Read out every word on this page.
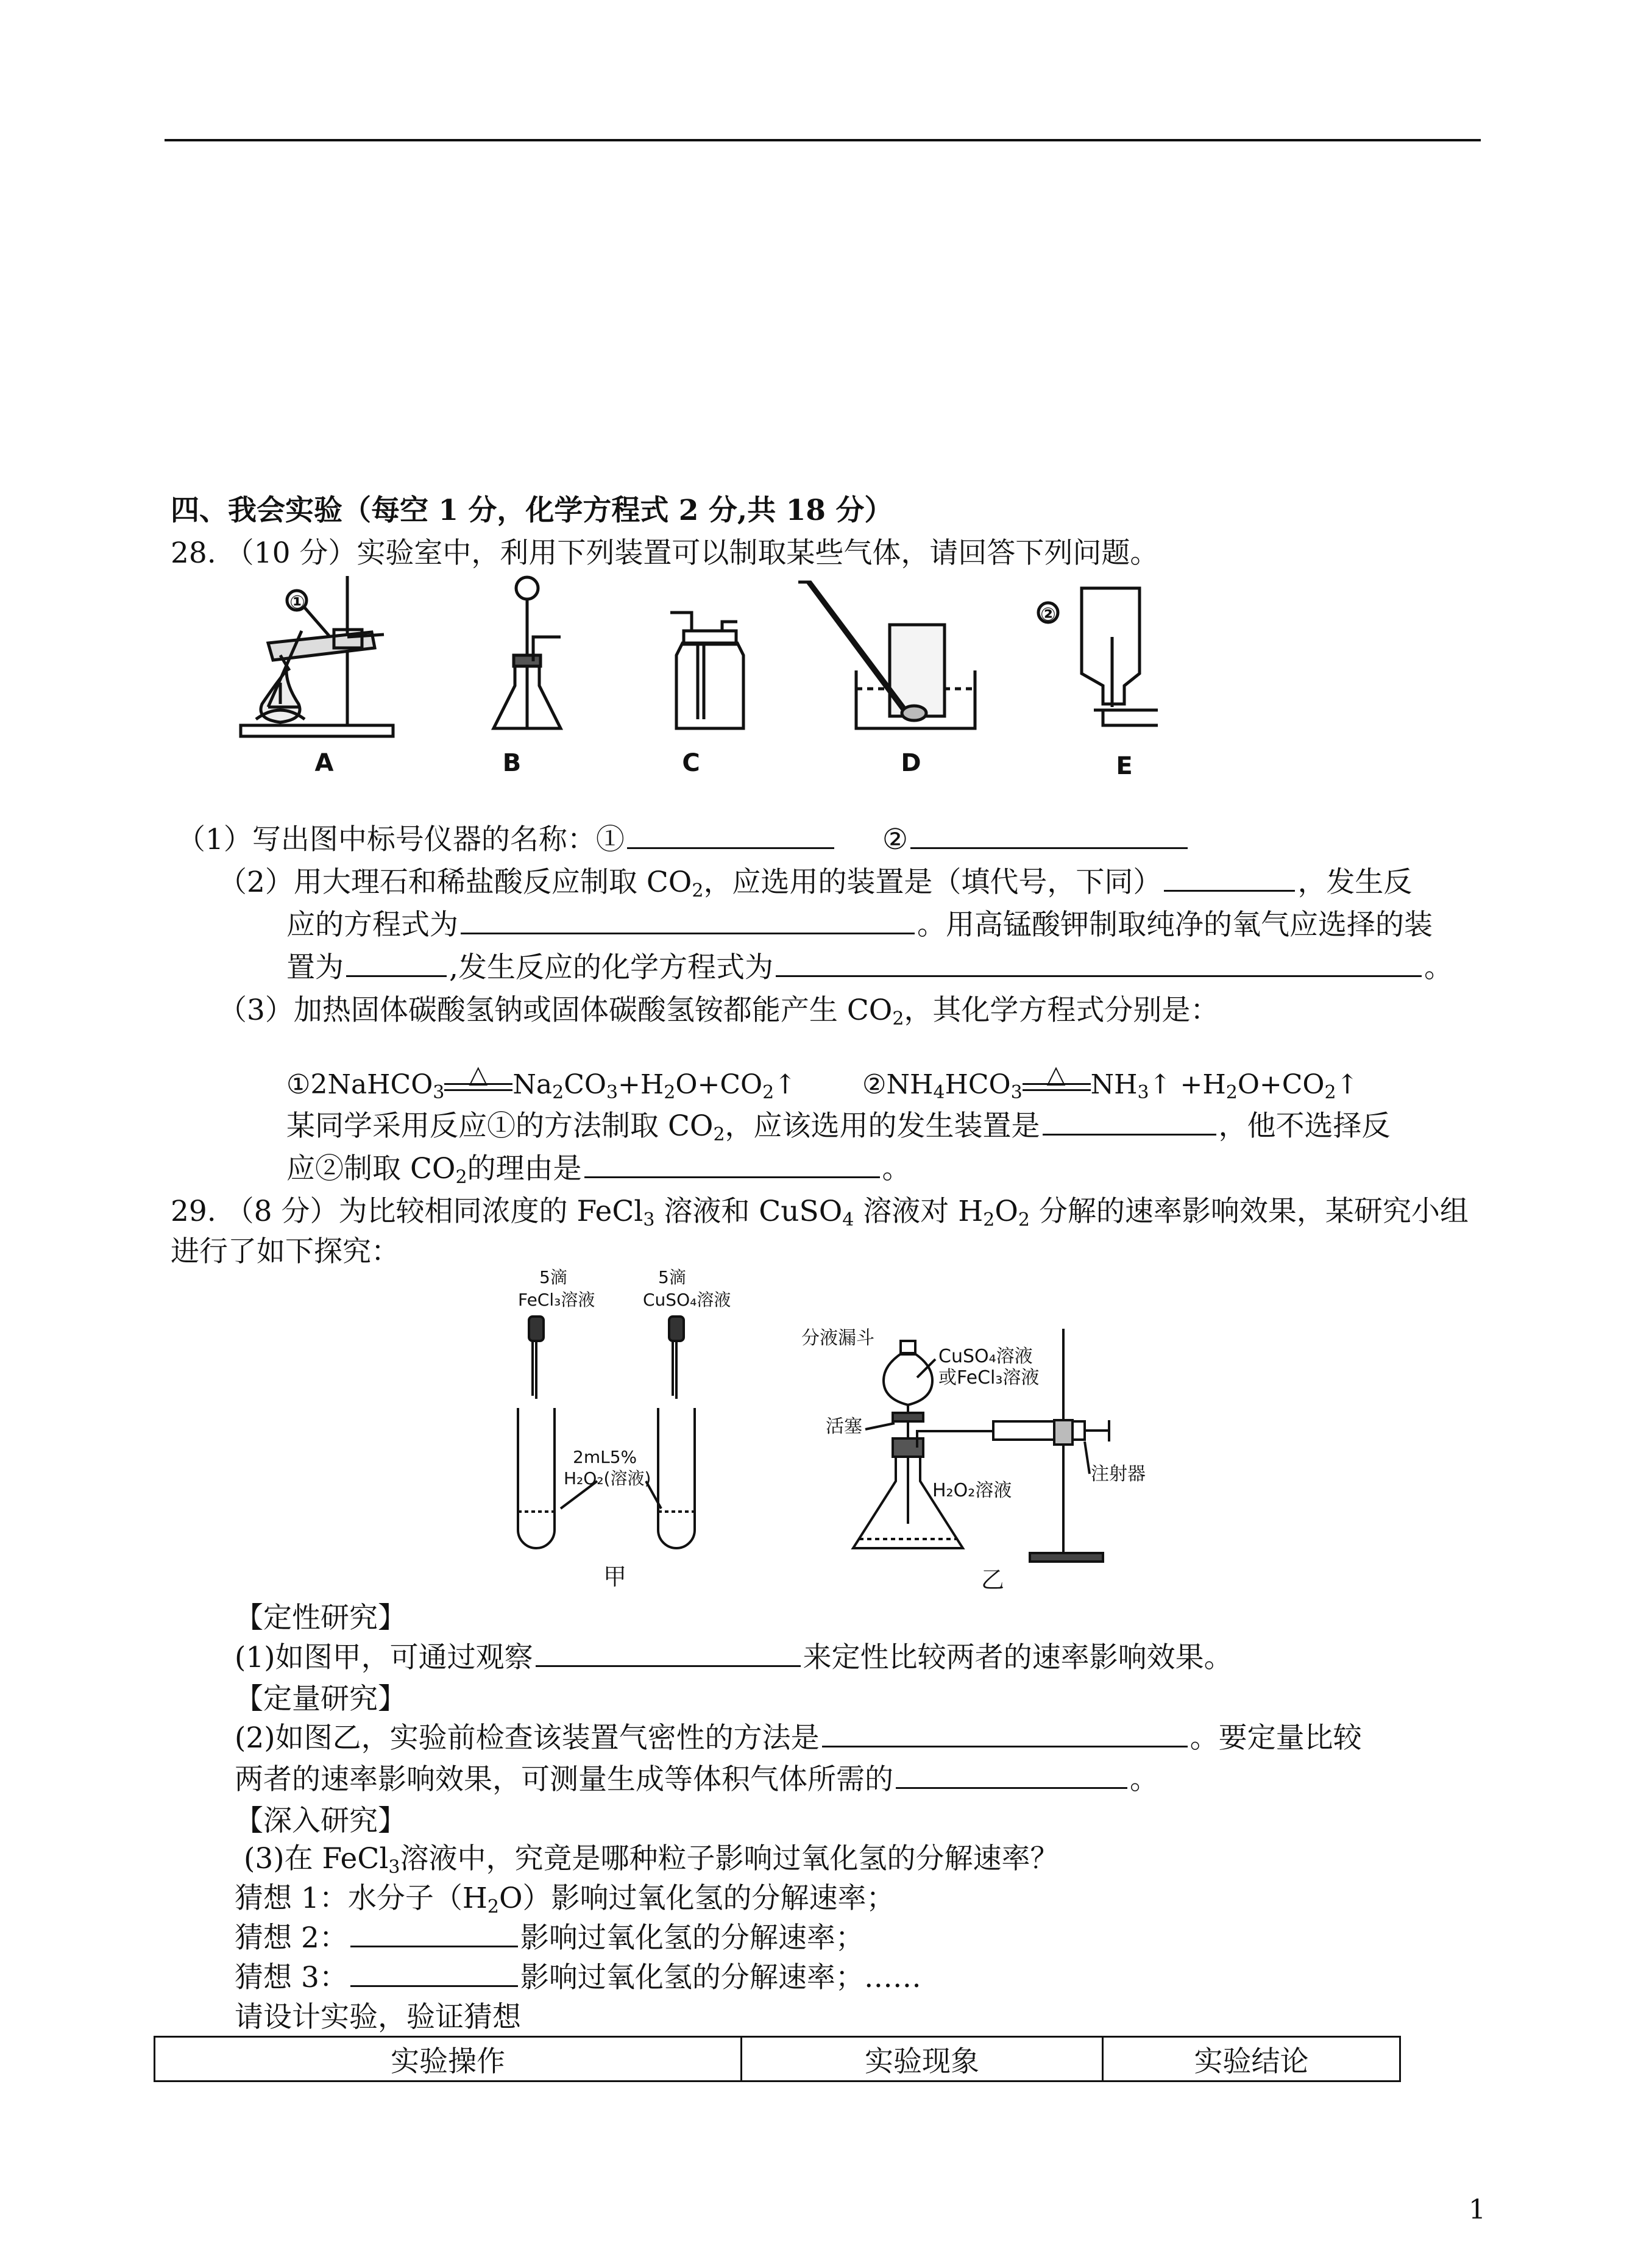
四、我会实验（每空 1 分，化学方程式 2 分,共 18 分）
28. （10 分）实验室中，利用下列装置可以制取某些气体，请回答下列问题。
①
②
A	B	C	D	E
（1）写出图中标号仪器的名称：①	②
（2）用大理石和稀盐酸反应制取 $CO_2$，应选用的装置是（填代号，下同）	，发生反
应的方程式为	。用高锰酸钾制取纯净的氧气应选择的装
置为	,发生反应的化学方程式为	。
（3）加热固体碳酸氢钠或固体碳酸氢铵都能产生 $CO_2$，其化学方程式分别是：
①2NaHCO$_3$
△ $Na_2CO_3+H_2O+CO_2↑$ $②NH_4HCO_3$
△ $NH_3↑$ $+H_2O+CO_2↑$
某同学采用反应①的方法制取 $CO_2$，应该选用的发生装置是	，他不选择反
应②制取 $CO_2$的理由是	。
29. （8 分）为比较相同浓度的 FeCl$_3$ 溶液和 CuSO$_4$ 溶液对 $H_2O_2$ 分解的速率影响效果，某研究小组
进行了如下探究：
5滴
FeCl₃溶液
5滴
CuSO₄溶液
2mL5%
H₂O₂(溶液)
甲
分液漏斗
CuSO₄溶液
或FeCl₃溶液
活塞
注射器
H₂O₂溶液
乙
【定性研究】
(1)如图甲，可通过观察	来定性比较两者的速率影响效果。
【定量研究】
(2)如图乙，实验前检查该装置气密性的方法是	。要定量比较
两者的速率影响效果，可测量生成等体积气体所需的	。
【深入研究】
(3)在 FeCl$_3$溶液中，究竟是哪种粒子影响过氧化氢的分解速率？
猜想 1：水分子$(H_2O)$影响过氧化氢的分解速率；
猜想 2：	影响过氧化氢的分解速率；
猜想 3：	影响过氧化氢的分解速率；……
请设计实验，验证猜想
实验操作	实验现象	实验结论
1
